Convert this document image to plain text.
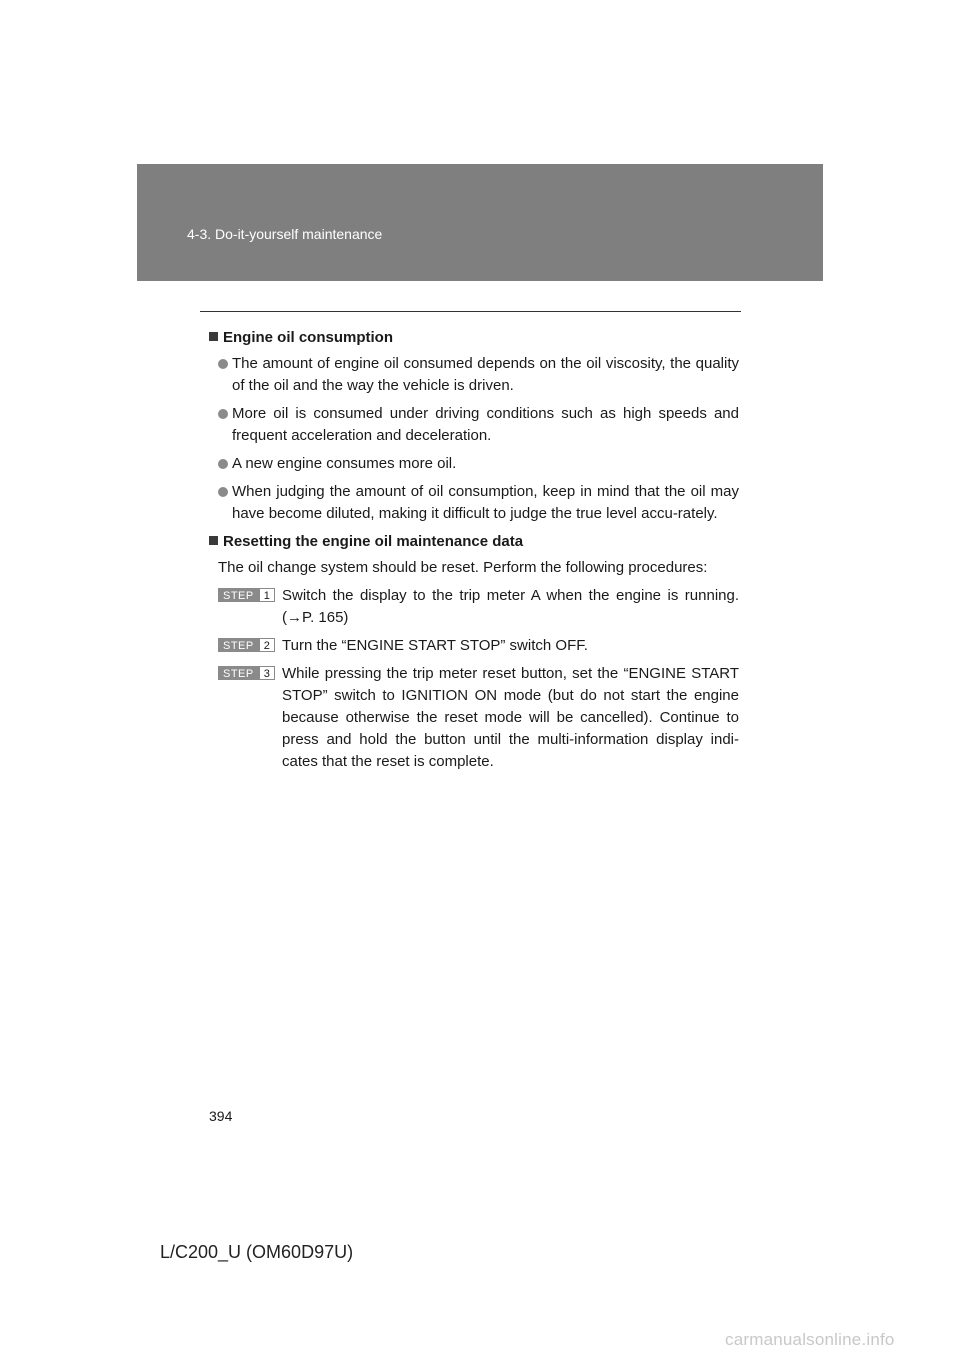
4-3. Do-it-yourself maintenance
Engine oil consumption
The amount of engine oil consumed depends on the oil viscosity, the quality of the oil and the way the vehicle is driven.
More oil is consumed under driving conditions such as high speeds and frequent acceleration and deceleration.
A new engine consumes more oil.
When judging the amount of oil consumption, keep in mind that the oil may have become diluted, making it difficult to judge the true level accu-rately.
Resetting the engine oil maintenance data
The oil change system should be reset. Perform the following procedures:
STEP 1 Switch the display to the trip meter A when the engine is running. (→P. 165)
STEP 2 Turn the “ENGINE START STOP” switch OFF.
STEP 3 While pressing the trip meter reset button, set the “ENGINE START STOP” switch to IGNITION ON mode (but do not start the engine because otherwise the reset mode will be cancelled). Continue to press and hold the button until the multi-information display indi-cates that the reset is complete.
394
L/C200_U (OM60D97U)
carmanualsonline.info
